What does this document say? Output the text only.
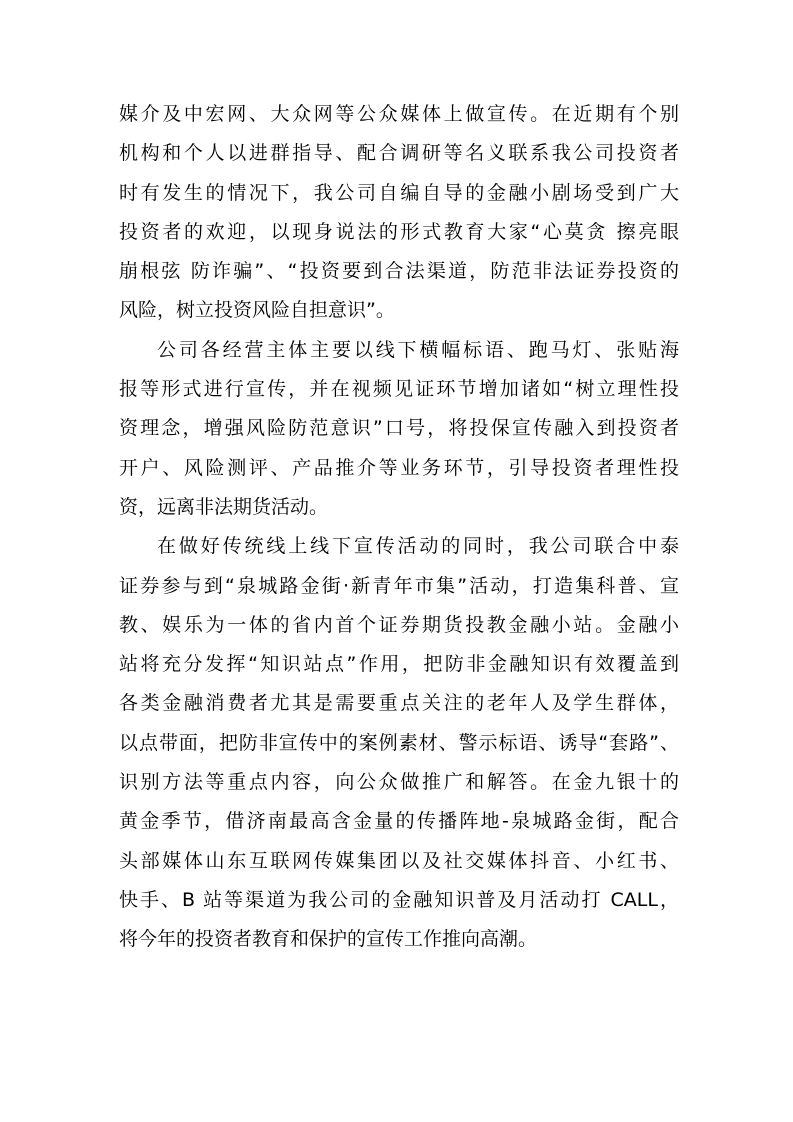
媒介及中宏网、大众网等公众媒体上做宣传。在近期有个别
机构和个人以进群指导、配合调研等名义联系我公司投资者
时有发生的情况下，我公司自编自导的金融小剧场受到广大
投资者的欢迎，以现身说法的形式教育大家“心莫贪 擦亮眼
崩根弦 防诈骗”、“投资要到合法渠道，防范非法证券投资的
风险，树立投资风险自担意识”。
公司各经营主体主要以线下横幅标语、跑马灯、张贴海
报等形式进行宣传，并在视频见证环节增加诸如“树立理性投
资理念，增强风险防范意识”口号，将投保宣传融入到投资者
开户、风险测评、产品推介等业务环节，引导投资者理性投
资，远离非法期货活动。
在做好传统线上线下宣传活动的同时，我公司联合中泰
证券参与到“泉城路金街·新青年市集”活动，打造集科普、宣
教、娱乐为一体的省内首个证券期货投教金融小站。金融小
站将充分发挥“知识站点”作用，把防非金融知识有效覆盖到
各类金融消费者尤其是需要重点关注的老年人及学生群体，
以点带面，把防非宣传中的案例素材、警示标语、诱导“套路”、
识别方法等重点内容，向公众做推广和解答。在金九银十的
黄金季节，借济南最高含金量的传播阵地-泉城路金街，配合
头部媒体山东互联网传媒集团以及社交媒体抖音、小红书、
快手、B 站等渠道为我公司的金融知识普及月活动打 CALL，
将今年的投资者教育和保护的宣传工作推向高潮。
